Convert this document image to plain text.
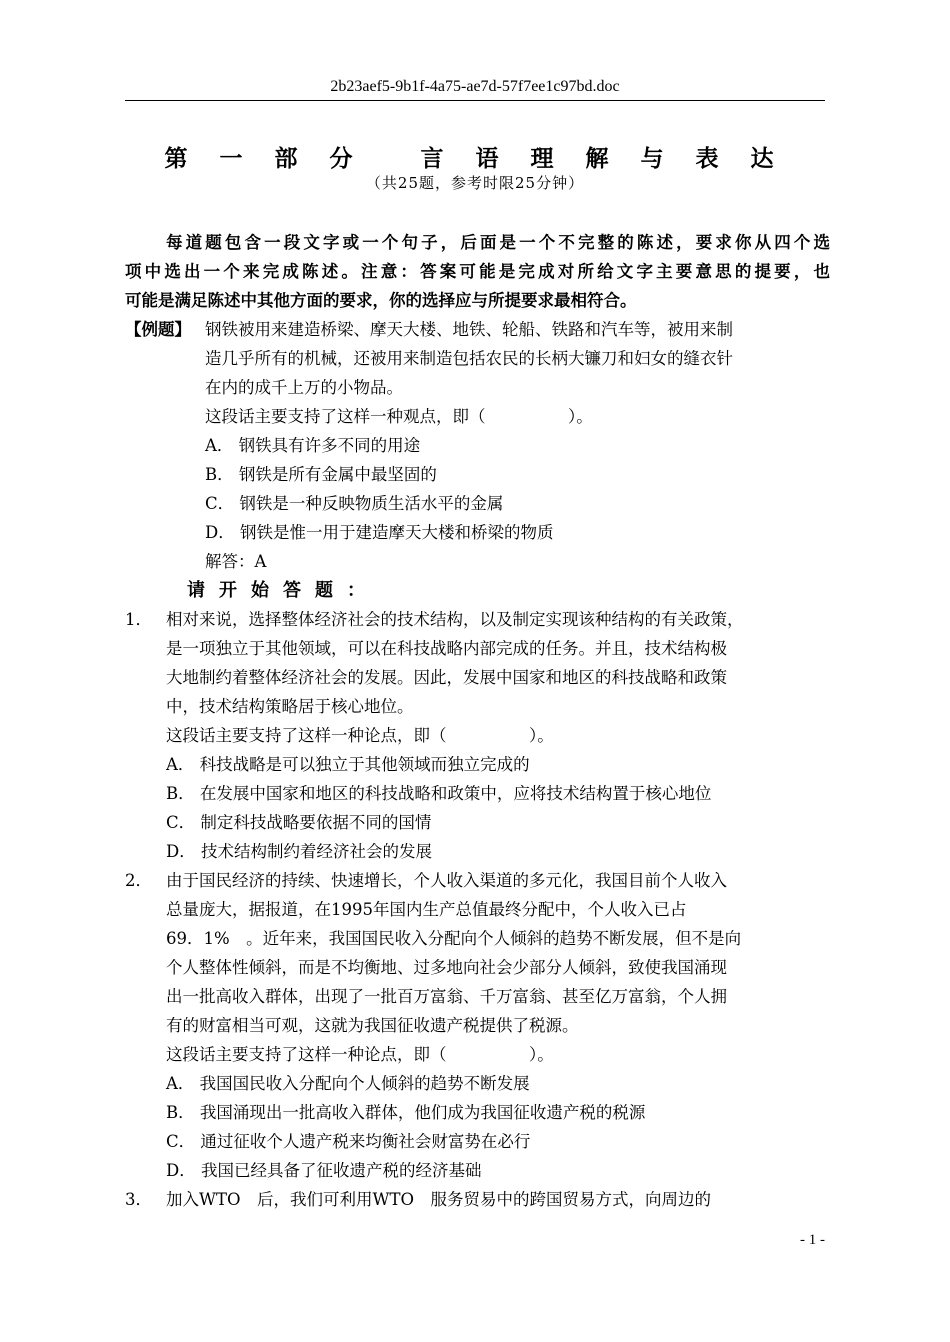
2b23aef5-9b1f-4a75-ae7d-57f7ee1c97bd.doc
第 一 部 分 言 语 理 解 与 表 达
（共25题，参考时限25分钟）
每道题包含一段文字或一个句子，后面是一个不完整的陈述，要求你从四个选
项中选出一个来完成陈述。注意：答案可能是完成对所给文字主要意思的提要，也
可能是满足陈述中其他方面的要求，你的选择应与所提要求最相符合。
【例题】 钢铁被用来建造桥梁、摩天大楼、地铁、轮船、铁路和汽车等，被用来制
造几乎所有的机械，还被用来制造包括农民的长柄大镰刀和妇女的缝衣针
在内的成千上万的小物品。
这段话主要支持了这样一种观点，即（　　　　　）。
A． 钢铁具有许多不同的用途
B． 钢铁是所有金属中最坚固的
C． 钢铁是一种反映物质生活水平的金属
D． 钢铁是惟一用于建造摩天大楼和桥梁的物质
解答：A
请开始答题：
1． 相对来说，选择整体经济社会的技术结构，以及制定实现该种结构的有关政策，
是一项独立于其他领域，可以在科技战略内部完成的任务。并且，技术结构极
大地制约着整体经济社会的发展。因此，发展中国家和地区的科技战略和政策
中，技术结构策略居于核心地位。
这段话主要支持了这样一种论点，即（　　　　　）。
A． 科技战略是可以独立于其他领域而独立完成的
B． 在发展中国家和地区的科技战略和政策中，应将技术结构置于核心地位
C． 制定科技战略要依据不同的国情
D． 技术结构制约着经济社会的发展
2． 由于国民经济的持续、快速增长，个人收入渠道的多元化，我国目前个人收入
总量庞大，据报道，在1995年国内生产总值最终分配中，个人收入已占
69．1%　。近年来，我国国民收入分配向个人倾斜的趋势不断发展，但不是向
个人整体性倾斜，而是不均衡地、过多地向社会少部分人倾斜，致使我国涌现
出一批高收入群体，出现了一批百万富翁、千万富翁、甚至亿万富翁，个人拥
有的财富相当可观，这就为我国征收遗产税提供了税源。
这段话主要支持了这样一种论点，即（　　　　　）。
A． 我国国民收入分配向个人倾斜的趋势不断发展
B． 我国涌现出一批高收入群体，他们成为我国征收遗产税的税源
C． 通过征收个人遗产税来均衡社会财富势在必行
D． 我国已经具备了征收遗产税的经济基础
3． 加入WTO　后，我们可利用WTO　服务贸易中的跨国贸易方式，向周边的
- 1 -
